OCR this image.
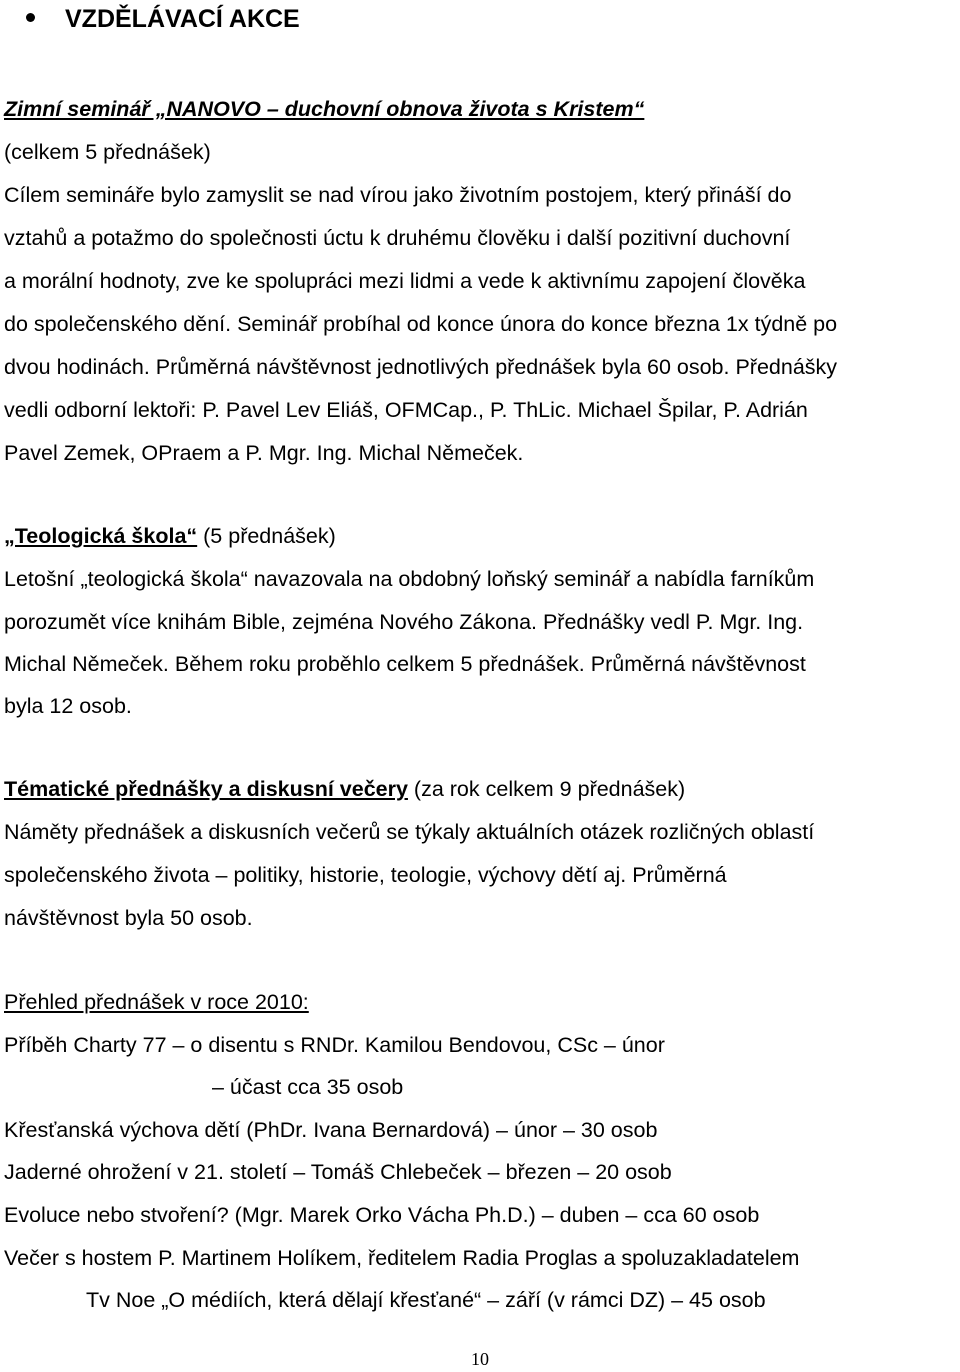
VZDĚLÁVACÍ AKCE
Zimní seminář „NANOVO – duchovní obnova života s Kristem“
(celkem 5 přednášek)
Cílem semináře bylo zamyslit se nad vírou jako životním postojem, který přináší do
vztahů a potažmo do společnosti úctu k druhému člověku i další pozitivní duchovní
a morální hodnoty, zve ke spolupráci mezi lidmi a vede k aktivnímu zapojení člověka
do společenského dění. Seminář probíhal od konce února do konce března 1x týdně po
dvou hodinách. Průměrná návštěvnost jednotlivých přednášek byla 60 osob. Přednášky
vedli odborní lektoři: P. Pavel Lev Eliáš, OFMCap., P. ThLic. Michael Špilar, P. Adrián
Pavel Zemek, OPraem a P. Mgr. Ing. Michal Němeček.
„Teologická škola“ (5 přednášek)
Letošní „teologická škola“ navazovala na obdobný loňský seminář a nabídla farníkům
porozumět více knihám Bible, zejména Nového Zákona. Přednášky vedl P. Mgr. Ing.
Michal Němeček. Během roku proběhlo celkem 5 přednášek. Průměrná návštěvnost
byla 12 osob.
Tématické přednášky a diskusní večery (za rok celkem 9 přednášek)
Náměty přednášek a diskusních večerů se týkaly aktuálních otázek rozličných oblastí
společenského života – politiky, historie, teologie, výchovy dětí aj. Průměrná
návštěvnost byla 50 osob.
Přehled přednášek v roce 2010:
Příběh Charty 77 – o disentu s RNDr. Kamilou Bendovou, CSc – únor
– účast cca 35 osob
Křesťanská výchova dětí (PhDr. Ivana Bernardová) – únor – 30 osob
Jaderné ohrožení v 21. století – Tomáš Chlebeček – březen – 20 osob
Evoluce nebo stvoření? (Mgr. Marek Orko Vácha Ph.D.) – duben – cca 60 osob
Večer s hostem P. Martinem Holíkem, ředitelem Radia Proglas a spoluzakladatelem
Tv Noe „O médiích, která dělají křesťané“ – září (v rámci DZ) – 45 osob
10
